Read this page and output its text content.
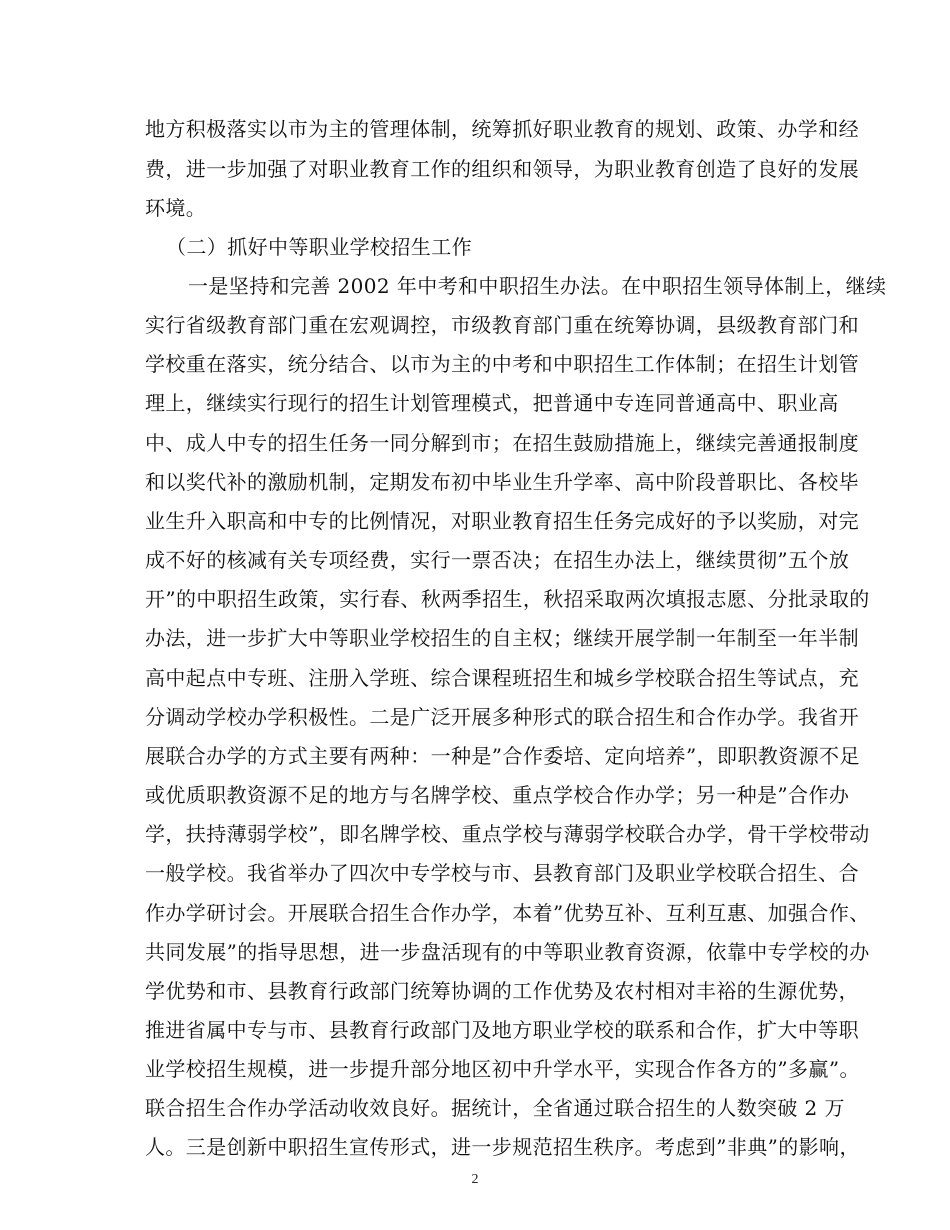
地方积极落实以市为主的管理体制，统筹抓好职业教育的规划、政策、办学和经
费，进一步加强了对职业教育工作的组织和领导，为职业教育创造了良好的发展
环境。
（二）抓好中等职业学校招生工作
一是坚持和完善 2002 年中考和中职招生办法。在中职招生领导体制上，继续
实行省级教育部门重在宏观调控，市级教育部门重在统筹协调，县级教育部门和
学校重在落实，统分结合、以市为主的中考和中职招生工作体制；在招生计划管
理上，继续实行现行的招生计划管理模式，把普通中专连同普通高中、职业高
中、成人中专的招生任务一同分解到市；在招生鼓励措施上，继续完善通报制度
和以奖代补的激励机制，定期发布初中毕业生升学率、高中阶段普职比、各校毕
业生升入职高和中专的比例情况，对职业教育招生任务完成好的予以奖励，对完
成不好的核减有关专项经费，实行一票否决；在招生办法上，继续贯彻”五个放
开”的中职招生政策，实行春、秋两季招生，秋招采取两次填报志愿、分批录取的
办法，进一步扩大中等职业学校招生的自主权；继续开展学制一年制至一年半制
高中起点中专班、注册入学班、综合课程班招生和城乡学校联合招生等试点，充
分调动学校办学积极性。二是广泛开展多种形式的联合招生和合作办学。我省开
展联合办学的方式主要有两种：一种是”合作委培、定向培养”，即职教资源不足
或优质职教资源不足的地方与名牌学校、重点学校合作办学；另一种是”合作办
学，扶持薄弱学校”，即名牌学校、重点学校与薄弱学校联合办学，骨干学校带动
一般学校。我省举办了四次中专学校与市、县教育部门及职业学校联合招生、合
作办学研讨会。开展联合招生合作办学，本着”优势互补、互利互惠、加强合作、
共同发展”的指导思想，进一步盘活现有的中等职业教育资源，依靠中专学校的办
学优势和市、县教育行政部门统筹协调的工作优势及农村相对丰裕的生源优势，
推进省属中专与市、县教育行政部门及地方职业学校的联系和合作，扩大中等职
业学校招生规模，进一步提升部分地区初中升学水平，实现合作各方的”多赢”。
联合招生合作办学活动收效良好。据统计，全省通过联合招生的人数突破 2 万
人。三是创新中职招生宣传形式，进一步规范招生秩序。考虑到”非典”的影响，
2
